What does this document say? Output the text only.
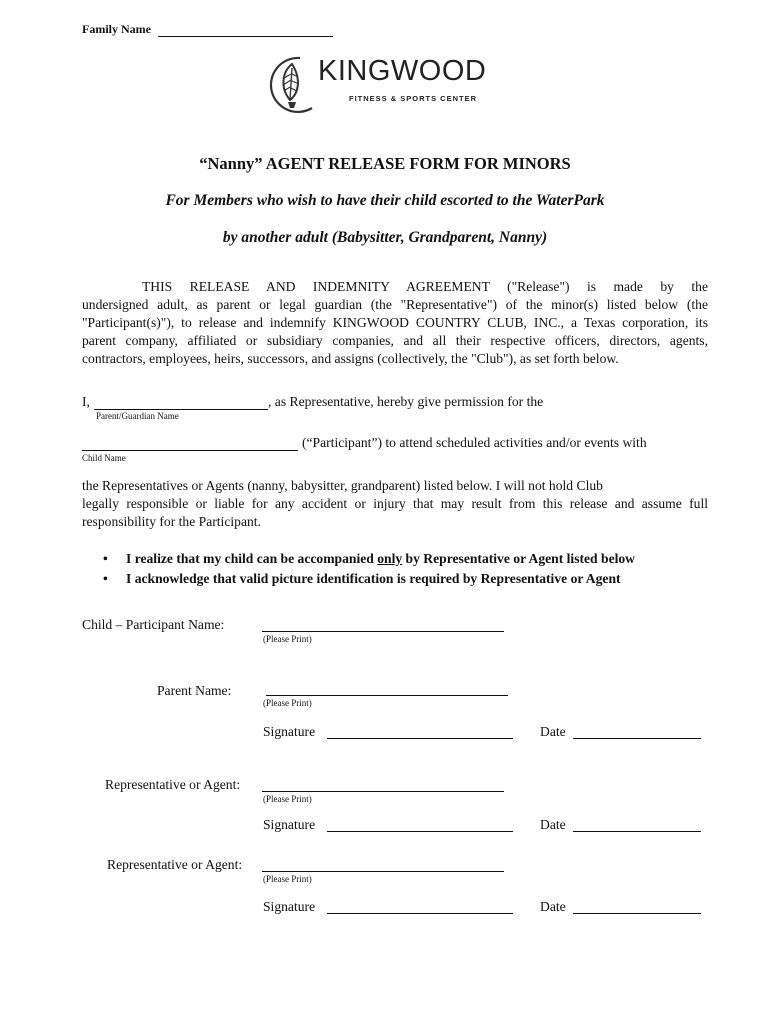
Family Name
KINGWOOD
FITNESS & SPORTS CENTER
“Nanny” AGENT RELEASE FORM FOR MINORS
For Members who wish to have their child escorted to the WaterPark
by another adult (Babysitter, Grandparent, Nanny)
THIS RELEASE AND INDEMNITY AGREEMENT ("Release") is made by the
undersigned adult, as parent or legal guardian (the "Representative") of the minor(s) listed below (the
"Participant(s)"), to release and indemnify KINGWOOD COUNTRY CLUB, INC., a Texas corporation, its
parent company, affiliated or subsidiary companies, and all their respective officers, directors, agents,
contractors, employees, heirs, successors, and assigns (collectively, the "Club"), as set forth below.
I,	, as Representative, hereby give permission for the
Parent/Guardian Name
(“Participant”) to attend scheduled activities and/or events with
Child Name
the Representatives or Agents (nanny, babysitter, grandparent) listed below. I will not hold Club
legally responsible or liable for any accident or injury that may result from this release and assume full
responsibility for the Participant.
• I realize that my child can be accompanied only by Representative or Agent listed below
• I acknowledge that valid picture identification is required by Representative or Agent
Child – Participant Name:
(Please Print)
Parent Name:
(Please Print)
Signature	Date
Representative or Agent:
(Please Print)
Signature	Date
Representative or Agent:
(Please Print)
Signature	Date
